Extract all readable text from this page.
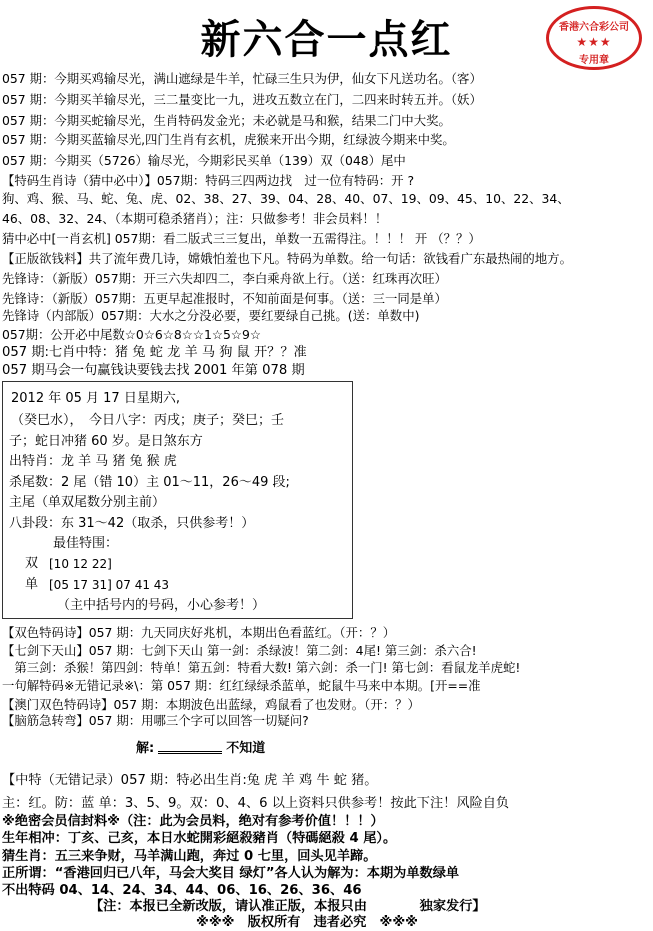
新六合一点红	香港六合彩公司
★★★
专用章
057 期：今期买鸡输尽光，满山遮绿是牛羊，忙碌三生只为伊，仙女下凡送功名。（客）
057 期：今期买羊输尽光，三二量变比一九，进攻五数立在门，二四来时转五并。（妖）
057 期：今期买蛇输尽光，生肖特码发金光；未必就是马和猴，结果二门中大奖。
057 期：今期买蓝输尽光,四门生肖有玄机，虎猴来开出今期，红绿波今期来中奖。
057 期：今期买（5726）输尽光，今期彩民买单（139）双（048）尾中
【特码生肖诗（猜中必中）】057期：特码三四两边找　过一位有特码：开 ?
狗、鸡、猴、马、蛇、兔、虎、02、38、27、39、04、28、40、07、19、09、45、10、22、34、
46、08、32、24、（本期可稳杀猪肖）；注：只做参考！非会员料！！
猜中必中[一肖玄机] 057期：看二版式三三复出，单数一五需得注。！！！ 开 （？？）
【正版欲钱料】共了流年费几诗，嫦娥怕羞也下凡。特码为单数。给一句话：欲钱看广东最热闹的地方。
先锋诗：（新版）057期：开三六失却四二，李白乘舟欲上行。（送：红珠再次旺）
先锋诗：（新版）057期：五更早起准报时，不知前面是何事。（送：三一同是单）
先锋诗（内部版）057期：大水之分没必要，要红要绿自己挑。(送：单数中)
057期：公开必中尾数☆0☆6☆8☆☆1☆5☆9☆
057 期:七肖中特：猪 兔 蛇 龙 羊 马 狗 鼠 开？？准
057 期马会一句赢钱诀要钱去找 2001 年第 078 期
2012 年 05 月 17 日星期六,
（癸巳水），　今日八字：丙戌；庚子；癸巳；壬
子；蛇日冲猪 60 岁。是日煞东方
出特肖：龙 羊 马 猪 兔 猴 虎
杀尾数：2 尾（错 10）主 01～11，26～49 段;
主尾（单双尾数分别主前）
八卦段：东 31～42（取杀，只供参考！）
最佳特围：
双 [10 12 22]
单 [05 17 31] 07 41 43
（主中括号内的号码，小心参考！）
【双色特码诗】057 期：九天同庆好兆机，本期出色看蓝红。（开：？）
【七剑下天山】057 期：七剑下天山 第一剑：杀绿波！第二剑：4尾! 第三剑：杀六合!
　第三剑：杀猴！第四剑：特单！第五剑：特看大数! 第六剑：杀一门! 第七剑：看鼠龙羊虎蛇!
一句解特码※无错记录※\：第 057 期：红红绿绿杀蓝单，蛇鼠牛马来中本期。[开==准
【澳门双色特码诗】057 期：本期波色出蓝绿，鸡鼠看了也发财。（开：？）
【脑筋急转弯】057 期：用哪三个字可以回答一切疑问?
解:	不知道
【中特（无错记录）057 期：特必出生肖:兔 虎 羊 鸡 牛 蛇 猪。
主：红。防：蓝 单：3、5、9。双：0、4、6 以上资料只供参考！按此下注！风险自负
※绝密会员信封料※（注：此为会员料，绝对有参考价值！！！）
生年相冲：丁亥、己亥，本日水蛇開彩絕殺豬肖（特碼絕殺 4 尾）。
猜生肖：五三来争财，马羊满山跑，奔过 0 七里，回头见羊蹄。
正所谓：“香港回归已八年，马会大奖目 绿灯”各人认为解为：本期为单数绿单
不出特码 04、14、24、34、44、06、16、26、36、46
【注：本报已全新改版，请认准正版，本报只由　　　　独家发行】
※※※　版权所有　违者必究　※※※
